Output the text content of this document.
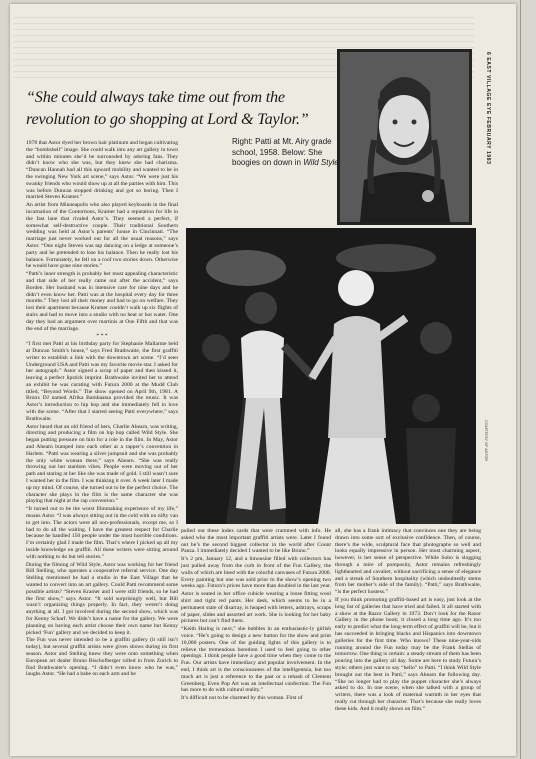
“She could always take time out from the revolution to go shopping at Lord & Taylor.”
Right: Patti at Mt. Airy grade school, 1958. Below: She boogies on down in Wild Style.	6 EAST VILLAGE EYE FEBRUARY 1983
COURTESY OF ASTOR

1978 that Astor dyed her brown hair platinum and began cultivating the “bombshell” image. She could walk into any art gallery in town and within minutes she’d be surrounded by adoring fans. They didn’t know who she was, but they knew she had charisma. “Duncan Hannah had all this upward mobility and wanted to be in the swinging New York art scene,” says Astor. “We were just his swanky friends who would show up at all the parties with him. This was before Duncan stopped drinking and got so boring. Then I married Steven Kramer.”

An artist from Minneapolis who also played keyboards in the final incarnation of the Contortions, Kramer had a reputation for life in the fast lane that rivaled Astor’s. They seemed a perfect, if somewhat self-destructive couple. Their traditional Southern wedding was held at Astor’s parents’ house in Cincinnati. “The marriage just never worked out for all the usual reasons,” says Astor. “One night Steven was tap dancing on a ledge at someone’s party and he pretended to lose his balance. Then he really lost his balance. Fortunately, he fell on a roof two stories down. Otherwise he would have gone nine stories.”

“Patti’s inner strength is probably her most appealing characteristic and that side of her really came out after the accident,” says Borden. Her husband was in intensive care for nine days and he didn’t even know her. Patti was at the hospital every day for three months.” They lost all their money and had to go on welfare. They lost their apartment because Kramer couldn’t walk up six flights of stairs and had to move into a studio with no heat or hot water. One day they had an argument over martinis at One Fifth and that was the end of the marriage.

* * *

“I first met Patti at his birthday party for Stephanie Mallarme held at Duncan Smith’s house,” says Fred Brathwaite, the first graffiti writer to establish a link with the downtown art scene. “I’d seen Underground USA and Patti was my favorite movie star. I asked for her autograph.” Astor signed a scrap of paper and then kissed it, leaving a perfect lipstick imprint. Brathwaite invited her to attend an exhibit he was curating with Futura 2000 at the Mudd Club titled, “Beyond Words.” The show opened on April 9th, 1981. A Bronx DJ named Afrika Bambaataa provided the music. It was Astor’s introduction to hip hop and she immediately fell in love with the scene. “After that I started seeing Patti everywhere,” says Brathwaite.

Astor heard that an old friend of hers, Charlie Ahearn, was writing, directing and producing a film on hip hop called Wild Style. She began putting pressure on him for a role in the film. In May, Astor and Ahearn bumped into each other at a rapper’s convention in Harlem. “Patti was wearing a silver jumpsuit and she was probably the only white woman there,” says Ahearn. “She was really throwing out her stardom vibes. People were moving out of her path and staring at her like she was made of gold. I still wasn’t sure I wanted her in the film. I was thinking it over. A week later I made up my mind. Of course, she turned out to be the perfect choice. The character she plays in the film is the same character she was playing that night at the rap convention.”

“It turned out to be the worst filmmaking experience of my life,” moans Astor. “I was always sitting out in the cold with no nifty van to get into. The actors were all non-professionals, except me, so I had to do all the waiting. I have the greatest respect for Charlie because he handled 150 people under the most horrible conditions. I’m certainly glad I made the film. That’s where I picked up all my inside knowledge on graffiti. All these writers were sitting around with nothing to do but tell stories.”

During the filming of Wild Style, Astor was working for her friend Bill Stelling, who operates a cooperative referral service. One day Stelling mentioned he had a studio in the East Village that he wanted to convert into an art gallery. Could Patti recommend some possible artists? “Steven Kramer and I were still friends, so he had the first show,” says Astor. “It sold surprisingly well, but Bill wasn’t organizing things properly. In fact, they weren’t doing anything at all. I got involved during the second show, which was for Kenny Scharf. We didn’t have a name for the gallery. We were planning on having each artist choose their own name but Kenny picked ‘Fun’ gallery and we decided to keep it.

The Fun was never intended to be a graffiti gallery (it still isn’t today), but several graffiti artists were given shows during its first season. Astor and Stelling knew they were onto something when European art dealer Bruno Bischofberger rolled in from Zurich to find Brathwaite’s opening. “I didn’t even know who he was,” laughs Astor. “He had a babe on each arm and he

pulled out these index cards that were crammed with info. He asked who the most important graffiti artists were. Later I found out he’s the second biggest collector in the world after Count Panza. I immediately decided I wanted to be like Bruno.”

It’s 2 pm, January 12, and a limousine filled with collectors has just pulled away from the curb in front of the Fun Gallery, the walls of which are lined with the colorful canvases of Futura 2000. Every painting but one was sold prior to the show’s opening two weeks ago. Futura’s prices have more than doubled in the last year.

Astor is seated in her office cubicle wearing a loose fitting wool shirt and tight red pants. Her desk, which seems to be in a permanent state of disarray, is heaped with letters, ashtrays, scraps of paper, slides and assorted art work. She is looking for her baby pictures but can’t find them.

“Keith Haring is next,” she bubbles in an enthusiastic-ly girlish voice. “He’s going to design a new button for the show and print 10,000 posters. One of the guiding lights of this gallery is to relieve the tremendous boredom I used to feel going to other openings. I think people have a good time when they come to the Fun. Our artists have immediacy and popular involvement. In the end, I think art is the consciousness of the intelligentsia, but too much art is just a reference to the past or a rehash of Clement Greenberg. Even Pop Art was an intellectual confection. The Fun has more to do with cultural reality.”

It’s difficult not to be charmed by this woman. First of

all, she has a frank intimacy that convinces one they are being drawn into some sort of exclusive confidence. Then, of course, there’s the wide, sculptural face that photographs so well and looks equally impressive in person. Her most charming aspect, however, is her sense of perspective. While Soho is slogging through a mire of pomposity, Astor remains refreshingly lighthearted and cavalier, without sacrificing a sense of elegance and a streak of Southern hospitality (which undoubtedly stems from her mother’s side of the family). “Patti,” says Brathwaite, “is the perfect hostess.”

If you think promoting graffiti-based art is easy, just look at the long list of galleries that have tried and failed. It all started with a show at the Razor Gallery in 1973. Don’t look for the Razor Gallery in the phone book; it closed a long time ago. It’s too early to predict what the long-term effect of graffiti will be, but it has succeeded in bringing blacks and Hispanics into downtown galleries for the first time. Who knows? These nine-year-olds running around the Fun today may be the Frank Stellas of tomorrow. One thing is certain: a steady stream of them has been pouring into the gallery all day. Some are here to study Futura’s style; others just want to say “hello” to Patti. “I think Wild Style brought out the best in Patti,” says Ahearn the following day. “She no longer had to play the puppet character she’s always asked to do. In one scene, when she talked with a group of writers, there was a look of maternal warmth in her eyes that really cut through her character. That’s because she really loves these kids. And it really shows on film.”
